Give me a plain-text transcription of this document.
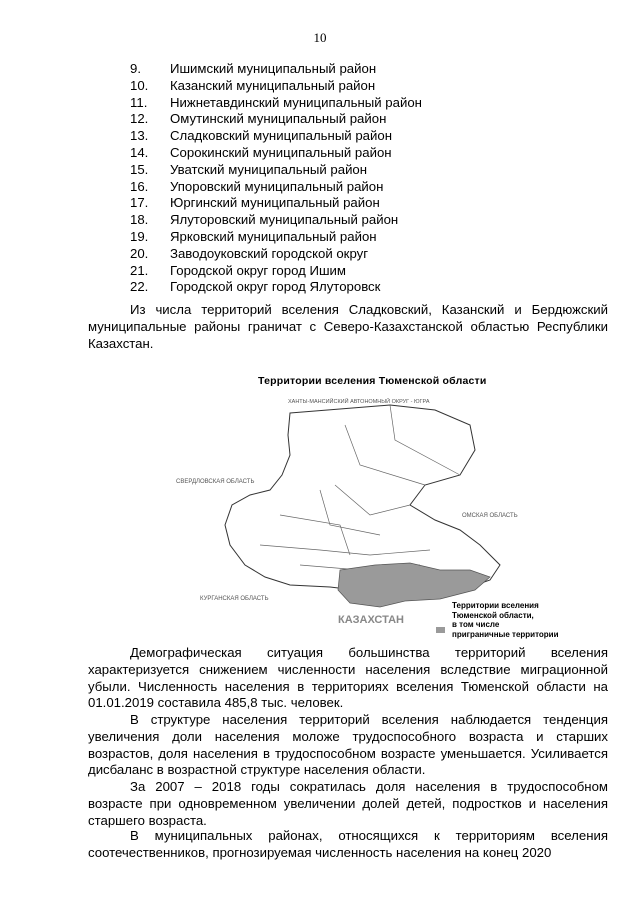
10
9. Ишимский муниципальный район
10. Казанский муниципальный район
11. Нижнетавдинский муниципальный район
12. Омутинский муниципальный район
13. Сладковский муниципальный район
14. Сорокинский муниципальный район
15. Уватский муниципальный район
16. Упоровский муниципальный район
17. Юргинский муниципальный район
18. Ялуторовский муниципальный район
19. Ярковский муниципальный район
20. Заводоуковский городской округ
21. Городской округ город Ишим
22. Городской округ город Ялуторовск

Из числа территорий вселения Сладковский, Казанский и Бердюжский муниципальные районы граничат с Северо-Казахстанской областью Республики Казахстан.

Территории вселения Тюменской области
ХАНТЫ-МАНСИЙСКИЙ АВТОНОМНЫЙ ОКРУГ - ЮГРА
СВЕРДЛОВСКАЯ ОБЛАСТЬ
ОМСКАЯ ОБЛАСТЬ
КУРГАНСКАЯ ОБЛАСТЬ
КАЗАХСТАН
Территории вселения
Тюменской области,
в том числе
приграничные территории

Демографическая ситуация большинства территорий вселения характеризуется снижением численности населения вследствие миграционной убыли. Численность населения в территориях вселения Тюменской области на 01.01.2019 составила 485,8 тыс. человек.

В структуре населения территорий вселения наблюдается тенденция увеличения доли населения моложе трудоспособного возраста и старших возрастов, доля населения в трудоспособном возрасте уменьшается. Усиливается дисбаланс в возрастной структуре населения области.

За 2007 – 2018 годы сократилась доля населения в трудоспособном возрасте при одновременном увеличении долей детей, подростков и населения старшего возраста.

В муниципальных районах, относящихся к территориям вселения соотечественников, прогнозируемая численность населения на конец 2020
